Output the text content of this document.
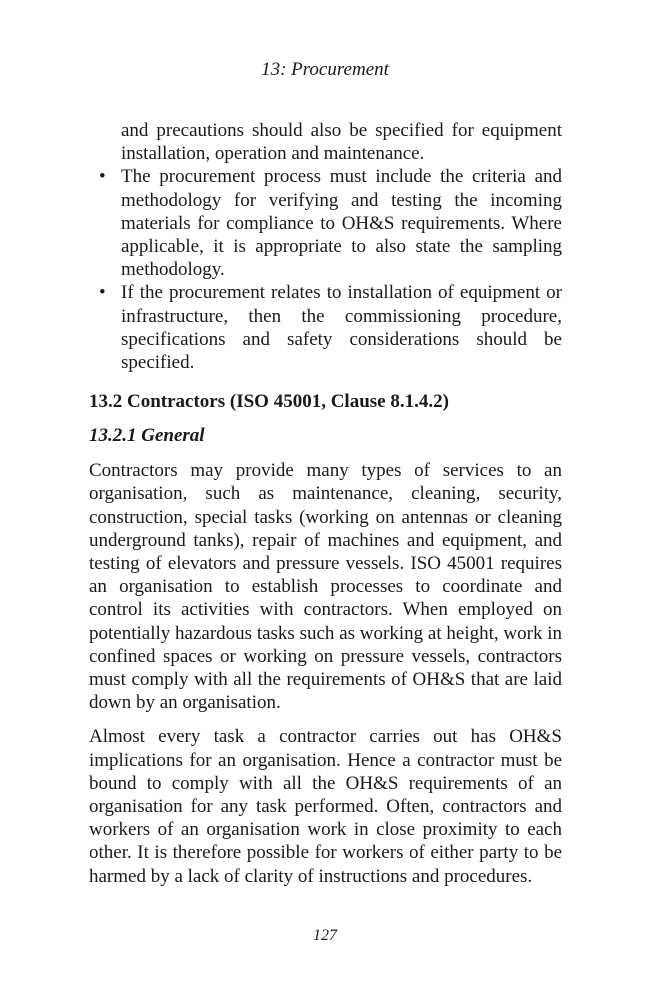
13: Procurement

and precautions should also be specified for equipment installation, operation and maintenance.

• The procurement process must include the criteria and methodology for verifying and testing the incoming materials for compliance to OH&S requirements. Where applicable, it is appropriate to also state the sampling methodology.
• If the procurement relates to installation of equipment or infrastructure, then the commissioning procedure, specifications and safety considerations should be specified.
13.2 Contractors (ISO 45001, Clause 8.1.4.2)
13.2.1 General

Contractors may provide many types of services to an organisation, such as maintenance, cleaning, security, construction, special tasks (working on antennas or cleaning underground tanks), repair of machines and equipment, and testing of elevators and pressure vessels. ISO 45001 requires an organisation to establish processes to coordinate and control its activities with contractors. When employed on potentially hazardous tasks such as working at height, work in confined spaces or working on pressure vessels, contractors must comply with all the requirements of OH&S that are laid down by an organisation.

Almost every task a contractor carries out has OH&S implications for an organisation. Hence a contractor must be bound to comply with all the OH&S requirements of an organisation for any task performed. Often, contractors and workers of an organisation work in close proximity to each other. It is therefore possible for workers of either party to be harmed by a lack of clarity of instructions and procedures.

127
